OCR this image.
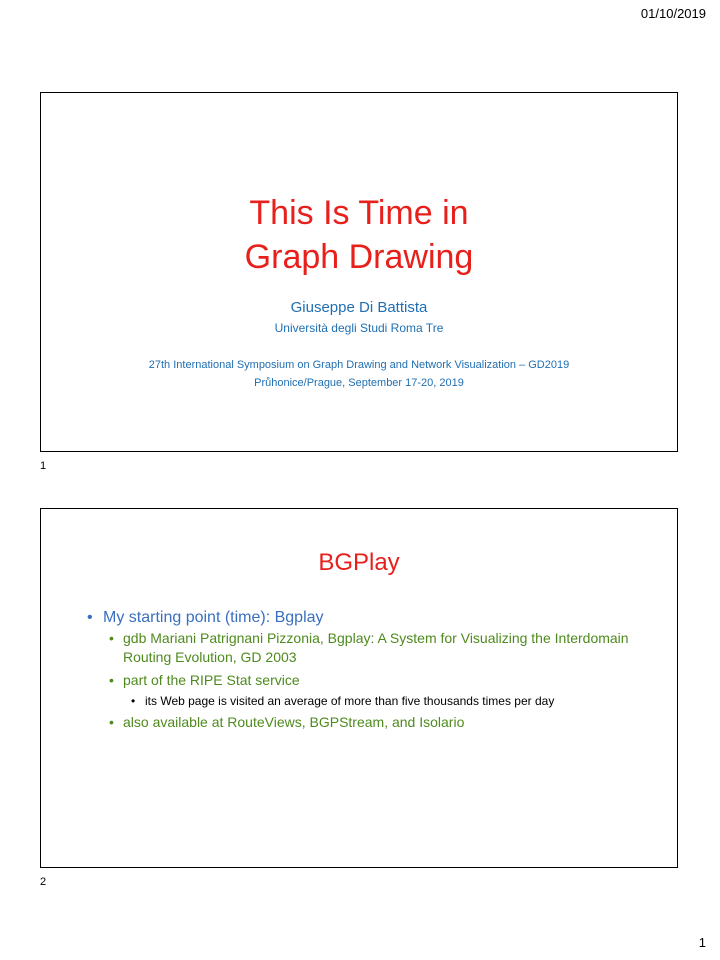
01/10/2019
This Is Time in
Graph Drawing
Giuseppe Di Battista
Università degli Studi Roma Tre
27th International Symposium on Graph Drawing and Network Visualization – GD2019
Průhonice/Prague, September 17-20, 2019
1
BGPlay
• My starting point (time): Bgplay
• gdb Mariani Patrignani Pizzonia, Bgplay: A System for Visualizing the Interdomain Routing Evolution, GD 2003
• part of the RIPE Stat service
• its Web page is visited an average of more than five thousands times per day
• also available at RouteViews, BGPStream, and Isolario
2
1
